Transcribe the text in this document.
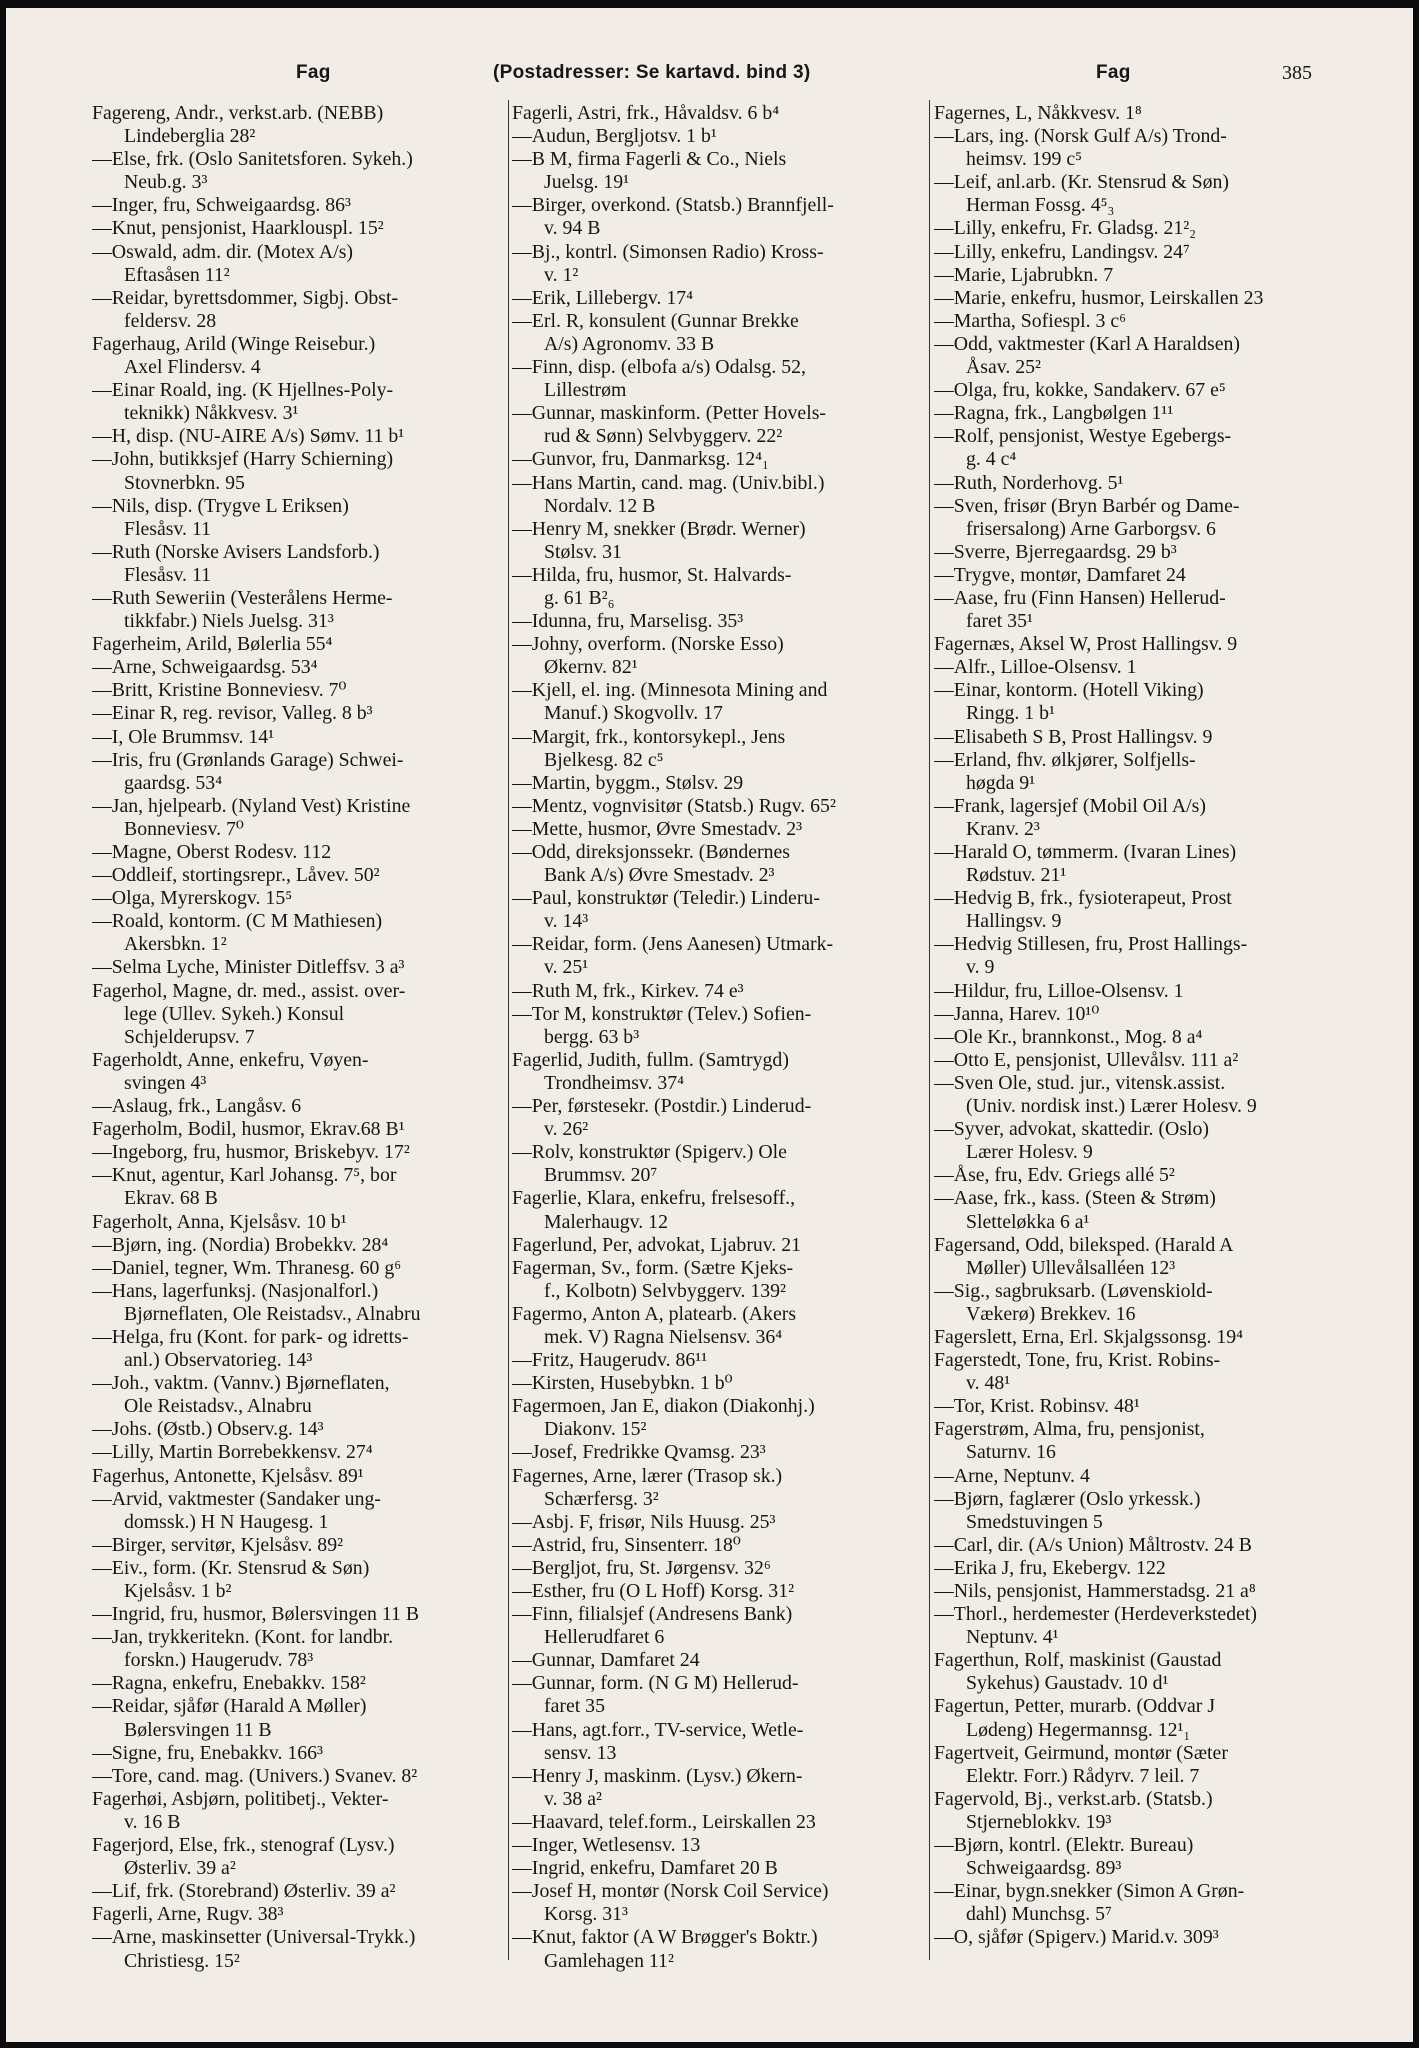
Fag	(Postadresser: Se kartavd. bind 3)	Fag	385
Fagereng, Andr., verkst.arb. (NEBB)
Lindeberglia 28²
—Else, frk. (Oslo Sanitetsforen. Sykeh.)
Neub.g. 3³
—Inger, fru, Schweigaardsg. 86³
—Knut, pensjonist, Haarklouspl. 15²
—Oswald, adm. dir. (Motex A/s)
Eftasåsen 11²
—Reidar, byrettsdommer, Sigbj. Obst-
feldersv. 28
Fagerhaug, Arild (Winge Reisebur.)
Axel Flindersv. 4
—Einar Roald, ing. (K Hjellnes-Poly-
teknikk) Nåkkvesv. 3¹
—H, disp. (NU-AIRE A/s) Sømv. 11 b¹
—John, butikksjef (Harry Schierning)
Stovnerbkn. 95
—Nils, disp. (Trygve L Eriksen)
Flesåsv. 11
—Ruth (Norske Avisers Landsforb.)
Flesåsv. 11
—Ruth Seweriin (Vesterålens Herme-
tikkfabr.) Niels Juelsg. 31³
Fagerheim, Arild, Bølerlia 55⁴
—Arne, Schweigaardsg. 53⁴
—Britt, Kristine Bonneviesv. 7⁰
—Einar R, reg. revisor, Valleg. 8 b³
—I, Ole Brummsv. 14¹
—Iris, fru (Grønlands Garage) Schwei-
gaardsg. 53⁴
—Jan, hjelpearb. (Nyland Vest) Kristine
Bonneviesv. 7⁰
—Magne, Oberst Rodesv. 112
—Oddleif, stortingsrepr., Låvev. 50²
—Olga, Myrerskogv. 15⁵
—Roald, kontorm. (C M Mathiesen)
Akersbkn. 1²
—Selma Lyche, Minister Ditleffsv. 3 a³
Fagerhol, Magne, dr. med., assist. over-
lege (Ullev. Sykeh.) Konsul
Schjelderupsv. 7
Fagerholdt, Anne, enkefru, Vøyen-
svingen 4³
—Aslaug, frk., Langåsv. 6
Fagerholm, Bodil, husmor, Ekrav.68 B¹
—Ingeborg, fru, husmor, Briskebyv. 17²
—Knut, agentur, Karl Johansg. 7⁵, bor
Ekrav. 68 B
Fagerholt, Anna, Kjelsåsv. 10 b¹
—Bjørn, ing. (Nordia) Brobekkv. 28⁴
—Daniel, tegner, Wm. Thranesg. 60 g⁶
—Hans, lagerfunksj. (Nasjonalforl.)
Bjørneflaten, Ole Reistadsv., Alnabru
—Helga, fru (Kont. for park- og idretts-
anl.) Observatorieg. 14³
—Joh., vaktm. (Vannv.) Bjørneflaten,
Ole Reistadsv., Alnabru
—Johs. (Østb.) Observ.g. 14³
—Lilly, Martin Borrebekkensv. 27⁴
Fagerhus, Antonette, Kjelsåsv. 89¹
—Arvid, vaktmester (Sandaker ung-
domssk.) H N Haugesg. 1
—Birger, servitør, Kjelsåsv. 89²
—Eiv., form. (Kr. Stensrud & Søn)
Kjelsåsv. 1 b²
—Ingrid, fru, husmor, Bølersvingen 11 B
—Jan, trykkeritekn. (Kont. for landbr.
forskn.) Haugerudv. 78³
—Ragna, enkefru, Enebakkv. 158²
—Reidar, sjåfør (Harald A Møller)
Bølersvingen 11 B
—Signe, fru, Enebakkv. 166³
—Tore, cand. mag. (Univers.) Svanev. 8²
Fagerhøi, Asbjørn, politibetj., Vekter-
v. 16 B
Fagerjord, Else, frk., stenograf (Lysv.)
Østerliv. 39 a²
—Lif, frk. (Storebrand) Østerliv. 39 a²
Fagerli, Arne, Rugv. 38³
—Arne, maskinsetter (Universal-Trykk.)
Christiesg. 15²
Fagerli, Astri, frk., Håvaldsv. 6 b⁴
—Audun, Bergljotsv. 1 b¹
—B M, firma Fagerli & Co., Niels
Juelsg. 19¹
—Birger, overkond. (Statsb.) Brannfjell-
v. 94 B
—Bj., kontrl. (Simonsen Radio) Kross-
v. 1²
—Erik, Lillebergv. 17⁴
—Erl. R, konsulent (Gunnar Brekke
A/s) Agronomv. 33 B
—Finn, disp. (elbofa a/s) Odalsg. 52,
Lillestrøm
—Gunnar, maskinform. (Petter Hovels-
rud & Sønn) Selvbyggerv. 22²
—Gunvor, fru, Danmarksg. 12⁴₁
—Hans Martin, cand. mag. (Univ.bibl.)
Nordalv. 12 B
—Henry M, snekker (Brødr. Werner)
Stølsv. 31
—Hilda, fru, husmor, St. Halvards-
g. 61 B²₆
—Idunna, fru, Marselisg. 35³
—Johny, overform. (Norske Esso)
Økernv. 82¹
—Kjell, el. ing. (Minnesota Mining and
Manuf.) Skogvollv. 17
—Margit, frk., kontorsykepl., Jens
Bjelkesg. 82 c⁵
—Martin, byggm., Stølsv. 29
—Mentz, vognvisitør (Statsb.) Rugv. 65²
—Mette, husmor, Øvre Smestadv. 2³
—Odd, direksjonssekr. (Bøndernes
Bank A/s) Øvre Smestadv. 2³
—Paul, konstruktør (Teledir.) Linderu-
v. 14³
—Reidar, form. (Jens Aanesen) Utmark-
v. 25¹
—Ruth M, frk., Kirkev. 74 e³
—Tor M, konstruktør (Telev.) Sofien-
bergg. 63 b³
Fagerlid, Judith, fullm. (Samtrygd)
Trondheimsv. 37⁴
—Per, førstesekr. (Postdir.) Linderud-
v. 26²
—Rolv, konstruktør (Spigerv.) Ole
Brummsv. 20⁷
Fagerlie, Klara, enkefru, frelsesoff.,
Malerhaugv. 12
Fagerlund, Per, advokat, Ljabruv. 21
Fagerman, Sv., form. (Sætre Kjeks-
f., Kolbotn) Selvbyggerv. 139²
Fagermo, Anton A, platearb. (Akers
mek. V) Ragna Nielsensv. 36⁴
—Fritz, Haugerudv. 86¹¹
—Kirsten, Husebybkn. 1 b⁰
Fagermoen, Jan E, diakon (Diakonhj.)
Diakonv. 15²
—Josef, Fredrikke Qvamsg. 23³
Fagernes, Arne, lærer (Trasop sk.)
Schærfersg. 3²
—Asbj. F, frisør, Nils Huusg. 25³
—Astrid, fru, Sinsenterr. 18⁰
—Bergljot, fru, St. Jørgensv. 32⁶
—Esther, fru (O L Hoff) Korsg. 31²
—Finn, filialsjef (Andresens Bank)
Hellerudfaret 6
—Gunnar, Damfaret 24
—Gunnar, form. (N G M) Hellerud-
faret 35
—Hans, agt.forr., TV-service, Wetle-
sensv. 13
—Henry J, maskinm. (Lysv.) Økern-
v. 38 a²
—Haavard, telef.form., Leirskallen 23
—Inger, Wetlesensv. 13
—Ingrid, enkefru, Damfaret 20 B
—Josef H, montør (Norsk Coil Service)
Korsg. 31³
—Knut, faktor (A W Brøgger's Boktr.)
Gamlehagen 11²
Fagernes, L, Nåkkvesv. 1⁸
—Lars, ing. (Norsk Gulf A/s) Trond-
heimsv. 199 c⁵
—Leif, anl.arb. (Kr. Stensrud & Søn)
Herman Fossg. 4⁵₃
—Lilly, enkefru, Fr. Gladsg. 21²₂
—Lilly, enkefru, Landingsv. 24⁷
—Marie, Ljabrubkn. 7
—Marie, enkefru, husmor, Leirskallen 23
—Martha, Sofiespl. 3 c⁶
—Odd, vaktmester (Karl A Haraldsen)
Åsav. 25²
—Olga, fru, kokke, Sandakerv. 67 e⁵
—Ragna, frk., Langbølgen 1¹¹
—Rolf, pensjonist, Westye Egebergs-
g. 4 c⁴
—Ruth, Norderhovg. 5¹
—Sven, frisør (Bryn Barbér og Dame-
frisersalong) Arne Garborgsv. 6
—Sverre, Bjerregaardsg. 29 b³
—Trygve, montør, Damfaret 24
—Aase, fru (Finn Hansen) Hellerud-
faret 35¹
Fagernæs, Aksel W, Prost Hallingsv. 9
—Alfr., Lilloe-Olsensv. 1
—Einar, kontorm. (Hotell Viking)
Ringg. 1 b¹
—Elisabeth S B, Prost Hallingsv. 9
—Erland, fhv. ølkjører, Solfjells-
høgda 9¹
—Frank, lagersjef (Mobil Oil A/s)
Kranv. 2³
—Harald O, tømmerm. (Ivaran Lines)
Rødstuv. 21¹
—Hedvig B, frk., fysioterapeut, Prost
Hallingsv. 9
—Hedvig Stillesen, fru, Prost Hallings-
v. 9
—Hildur, fru, Lilloe-Olsensv. 1
—Janna, Harev. 10¹⁰
—Ole Kr., brannkonst., Mog. 8 a⁴
—Otto E, pensjonist, Ullevålsv. 111 a²
—Sven Ole, stud. jur., vitensk.assist.
(Univ. nordisk inst.) Lærer Holesv. 9
—Syver, advokat, skattedir. (Oslo)
Lærer Holesv. 9
—Åse, fru, Edv. Griegs allé 5²
—Aase, frk., kass. (Steen & Strøm)
Slettеløkka 6 a¹
Fagersand, Odd, bileksped. (Harald A
Møller) Ullevålsalléen 12³
—Sig., sagbruksarb. (Løvenskiold-
Vækerø) Brekkev. 16
Fagerslett, Erna, Erl. Skjalgssonsg. 19⁴
Fagerstedt, Tone, fru, Krist. Robins-
v. 48¹
—Tor, Krist. Robinsv. 48¹
Fagerstrøm, Alma, fru, pensjonist,
Saturnv. 16
—Arne, Neptunv. 4
—Bjørn, faglærer (Oslo yrkessk.)
Smedstuvingen 5
—Carl, dir. (A/s Union) Måltrostv. 24 B
—Erika J, fru, Ekebergv. 122
—Nils, pensjonist, Hammerstadsg. 21 a⁸
—Thorl., herdemester (Herdeverkstedet)
Neptunv. 4¹
Fagerthun, Rolf, maskinist (Gaustad
Sykehus) Gaustadv. 10 d¹
Fagertun, Petter, murarb. (Oddvar J
Lødeng) Hegermannsg. 12¹₁
Fagertveit, Geirmund, montør (Sæter
Elektr. Forr.) Rådyrv. 7 leil. 7
Fagervold, Bj., verkst.arb. (Statsb.)
Stjerneblokkv. 19³
—Bjørn, kontrl. (Elektr. Bureau)
Schweigaardsg. 89³
—Einar, bygn.snekker (Simon A Grøn-
dahl) Munchsg. 5⁷
—O, sjåfør (Spigerv.) Marid.v. 309³
